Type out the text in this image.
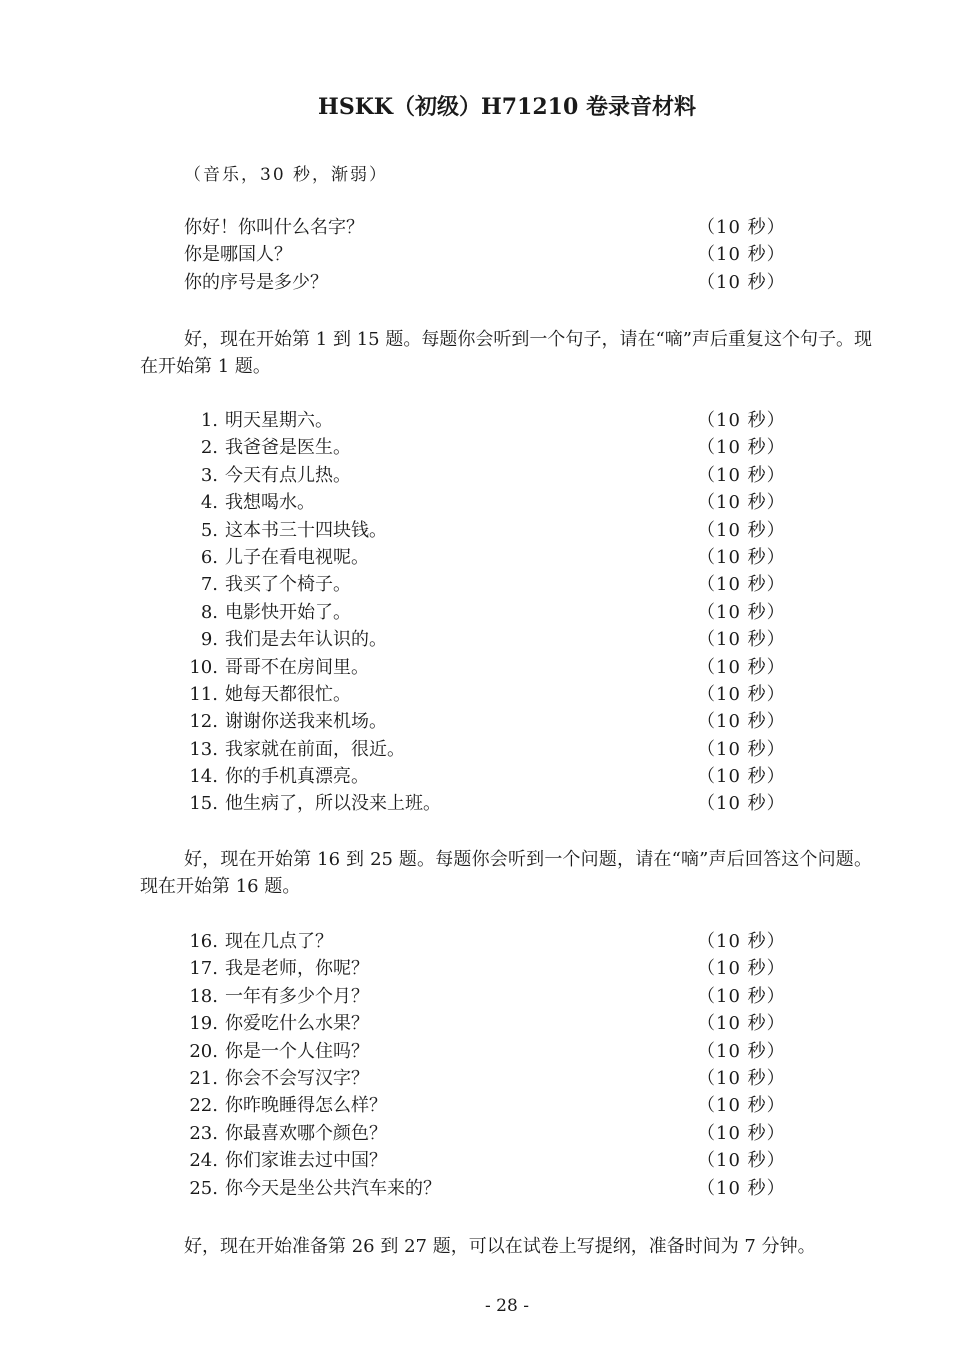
HSKK（初级）H71210 卷录音材料
（音乐，30 秒，渐弱）
你好！你叫什么名字？	（10 秒）
你是哪国人？	（10 秒）
你的序号是多少？	（10 秒）
好，现在开始第 1 到 15 题。每题你会听到一个句子，请在“嘀”声后重复这个句子。现在开始第 1 题。
1. 明天星期六。	（10 秒）
2. 我爸爸是医生。	（10 秒）
3. 今天有点儿热。	（10 秒）
4. 我想喝水。	（10 秒）
5. 这本书三十四块钱。	（10 秒）
6. 儿子在看电视呢。	（10 秒）
7. 我买了个椅子。	（10 秒）
8. 电影快开始了。	（10 秒）
9. 我们是去年认识的。	（10 秒）
10. 哥哥不在房间里。	（10 秒）
11. 她每天都很忙。	（10 秒）
12. 谢谢你送我来机场。	（10 秒）
13. 我家就在前面，很近。	（10 秒）
14. 你的手机真漂亮。	（10 秒）
15. 他生病了，所以没来上班。	（10 秒）
好，现在开始第 16 到 25 题。每题你会听到一个问题，请在“嘀”声后回答这个问题。现在开始第 16 题。
16. 现在几点了？	（10 秒）
17. 我是老师，你呢？	（10 秒）
18. 一年有多少个月？	（10 秒）
19. 你爱吃什么水果？	（10 秒）
20. 你是一个人住吗？	（10 秒）
21. 你会不会写汉字？	（10 秒）
22. 你昨晚睡得怎么样？	（10 秒）
23. 你最喜欢哪个颜色？	（10 秒）
24. 你们家谁去过中国？	（10 秒）
25. 你今天是坐公共汽车来的？	（10 秒）
好，现在开始准备第 26 到 27 题，可以在试卷上写提纲，准备时间为 7 分钟。
- 28 -
